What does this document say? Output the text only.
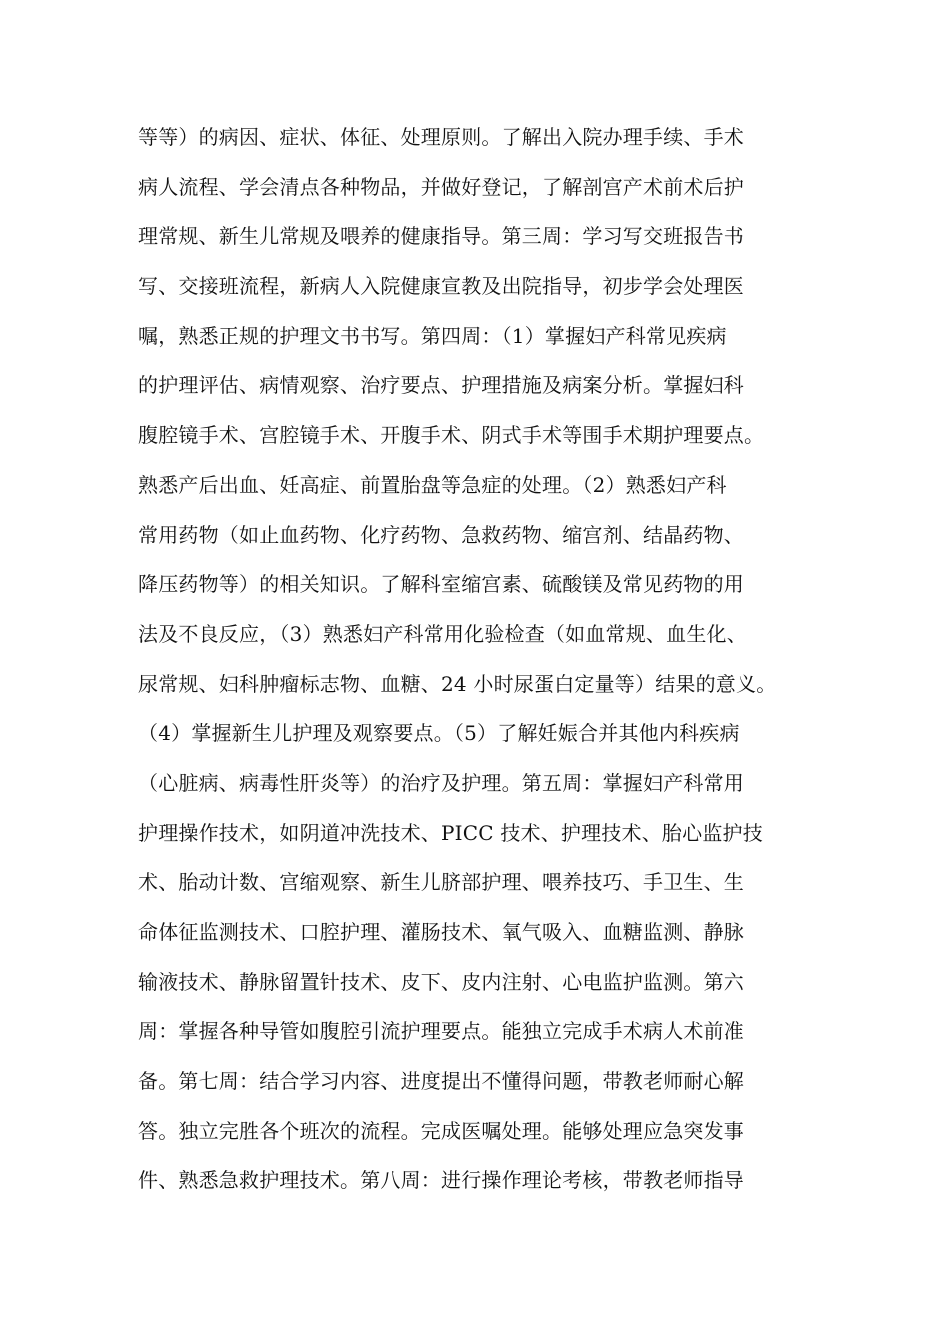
等等）的病因、症状、体征、处理原则。了解出入院办理手续、手术
病人流程、学会清点各种物品，并做好登记，了解剖宫产术前术后护
理常规、新生儿常规及喂养的健康指导。第三周：学习写交班报告书
写、交接班流程，新病人入院健康宣教及出院指导，初步学会处理医
嘱，熟悉正规的护理文书书写。第四周：（1）掌握妇产科常见疾病
的护理评估、病情观察、治疗要点、护理措施及病案分析。掌握妇科
腹腔镜手术、宫腔镜手术、开腹手术、阴式手术等围手术期护理要点。
熟悉产后出血、妊高症、前置胎盘等急症的处理。（2）熟悉妇产科
常用药物（如止血药物、化疗药物、急救药物、缩宫剂、结晶药物、
降压药物等）的相关知识。了解科室缩宫素、硫酸镁及常见药物的用
法及不良反应，（3）熟悉妇产科常用化验检查（如血常规、血生化、
尿常规、妇科肿瘤标志物、血糖、24 小时尿蛋白定量等）结果的意义。
（4）掌握新生儿护理及观察要点。（5）了解妊娠合并其他内科疾病
（心脏病、病毒性肝炎等）的治疗及护理。第五周：掌握妇产科常用
护理操作技术，如阴道冲洗技术、PICC 技术、护理技术、胎心监护技
术、胎动计数、宫缩观察、新生儿脐部护理、喂养技巧、手卫生、生
命体征监测技术、口腔护理、灌肠技术、氧气吸入、血糖监测、静脉
输液技术、静脉留置针技术、皮下、皮内注射、心电监护监测。第六
周：掌握各种导管如腹腔引流护理要点。能独立完成手术病人术前准
备。第七周：结合学习内容、进度提出不懂得问题，带教老师耐心解
答。独立完胜各个班次的流程。完成医嘱处理。能够处理应急突发事
件、熟悉急救护理技术。第八周：进行操作理论考核，带教老师指导
